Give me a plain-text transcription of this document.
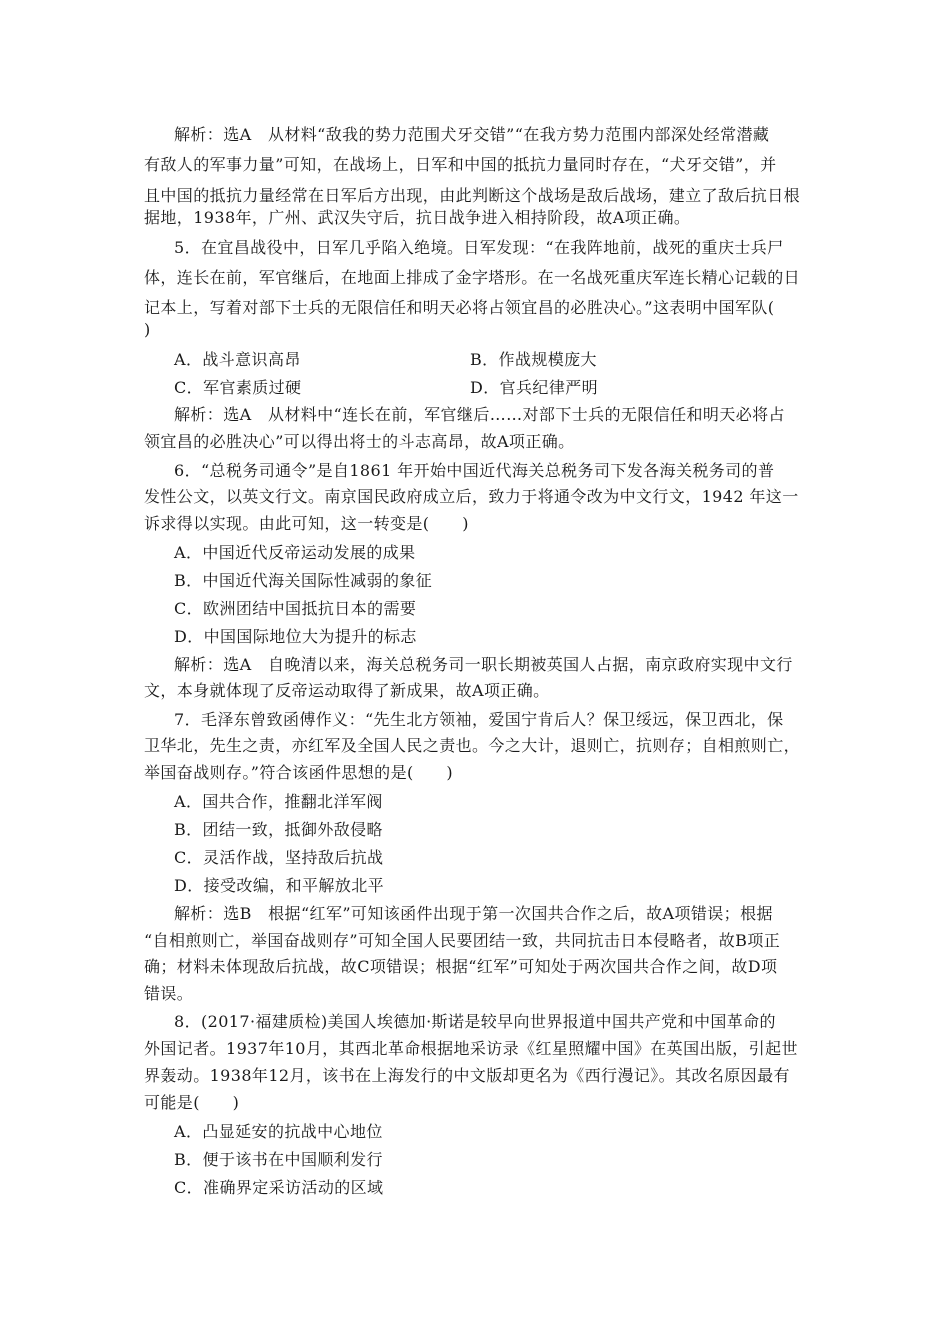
解析：选A　从材料“敌我的势力范围犬牙交错”“在我方势力范围内部深处经常潜藏
有敌人的军事力量”可知，在战场上，日军和中国的抵抗力量同时存在，“犬牙交错”，并
且中国的抵抗力量经常在日军后方出现，由此判断这个战场是敌后战场，建立了敌后抗日根
据地，1938年，广州、武汉失守后，抗日战争进入相持阶段，故A项正确。
5．在宜昌战役中，日军几乎陷入绝境。日军发现：“在我阵地前，战死的重庆士兵尸
体，连长在前，军官继后，在地面上排成了金字塔形。在一名战死重庆军连长精心记载的日
记本上，写着对部下士兵的无限信任和明天必将占领宜昌的必胜决心。”这表明中国军队(
)
A．战斗意识高昂	B．作战规模庞大
C．军官素质过硬	D．官兵纪律严明
解析：选A　从材料中“连长在前，军官继后……对部下士兵的无限信任和明天必将占
领宜昌的必胜决心”可以得出将士的斗志高昂，故A项正确。
6．“总税务司通令”是自1861 年开始中国近代海关总税务司下发各海关税务司的普
发性公文，以英文行文。南京国民政府成立后，致力于将通令改为中文行文，1942 年这一
诉求得以实现。由此可知，这一转变是(　　)
A．中国近代反帝运动发展的成果
B．中国近代海关国际性减弱的象征
C．欧洲团结中国抵抗日本的需要
D．中国国际地位大为提升的标志
解析：选A　自晚清以来，海关总税务司一职长期被英国人占据，南京政府实现中文行
文，本身就体现了反帝运动取得了新成果，故A项正确。
7．毛泽东曾致函傅作义：“先生北方领袖，爱国宁肯后人？保卫绥远，保卫西北，保
卫华北，先生之责，亦红军及全国人民之责也。今之大计，退则亡，抗则存；自相煎则亡，
举国奋战则存。”符合该函件思想的是(　　)
A．国共合作，推翻北洋军阀
B．团结一致，抵御外敌侵略
C．灵活作战，坚持敌后抗战
D．接受改编，和平解放北平
解析：选B　根据“红军”可知该函件出现于第一次国共合作之后，故A项错误；根据
“自相煎则亡，举国奋战则存”可知全国人民要团结一致，共同抗击日本侵略者，故B项正
确；材料未体现敌后抗战，故C项错误；根据“红军”可知处于两次国共合作之间，故D项
错误。
8．(2017·福建质检)美国人埃德加·斯诺是较早向世界报道中国共产党和中国革命的
外国记者。1937年10月，其西北革命根据地采访录《红星照耀中国》在英国出版，引起世
界轰动。1938年12月，该书在上海发行的中文版却更名为《西行漫记》。其改名原因最有
可能是(　　)
A．凸显延安的抗战中心地位
B．便于该书在中国顺利发行
C．准确界定采访活动的区域
